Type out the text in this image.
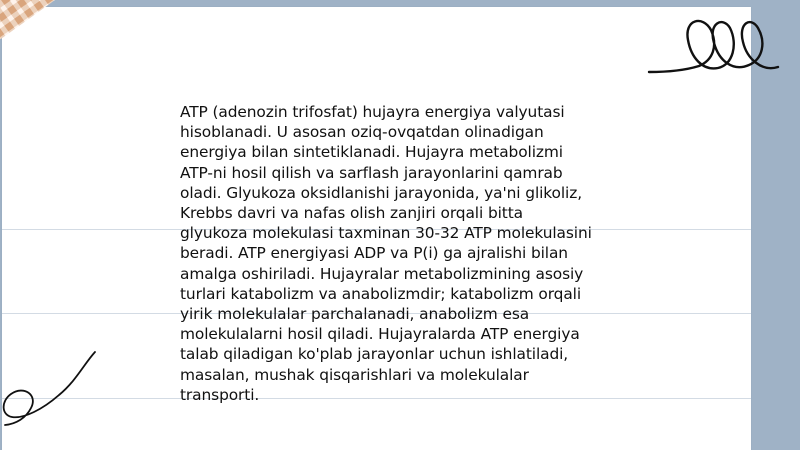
ATP (adenozin trifosfat) hujayra energiya valyutasi
hisoblanadi. U asosan oziq-ovqatdan olinadigan
energiya bilan sintetiklanadi. Hujayra metabolizmi
ATP-ni hosil qilish va sarflash jarayonlarini qamrab
oladi. Glyukoza oksidlanishi jarayonida, ya'ni glikoliz,
Krebbs davri va nafas olish zanjiri orqali bitta
glyukoza molekulasi taxminan 30-32 ATP molekulasini
beradi. ATP energiyasi ADP va P(i) ga ajralishi bilan
amalga oshiriladi. Hujayralar metabolizmining asosiy
turlari katabolizm va anabolizmdir; katabolizm orqali
yirik molekulalar parchalanadi, anabolizm esa
molekulalarni hosil qiladi. Hujayralarda ATP energiya
talab qiladigan ko'plab jarayonlar uchun ishlatiladi,
masalan, mushak qisqarishlari va molekulalar
transporti.
